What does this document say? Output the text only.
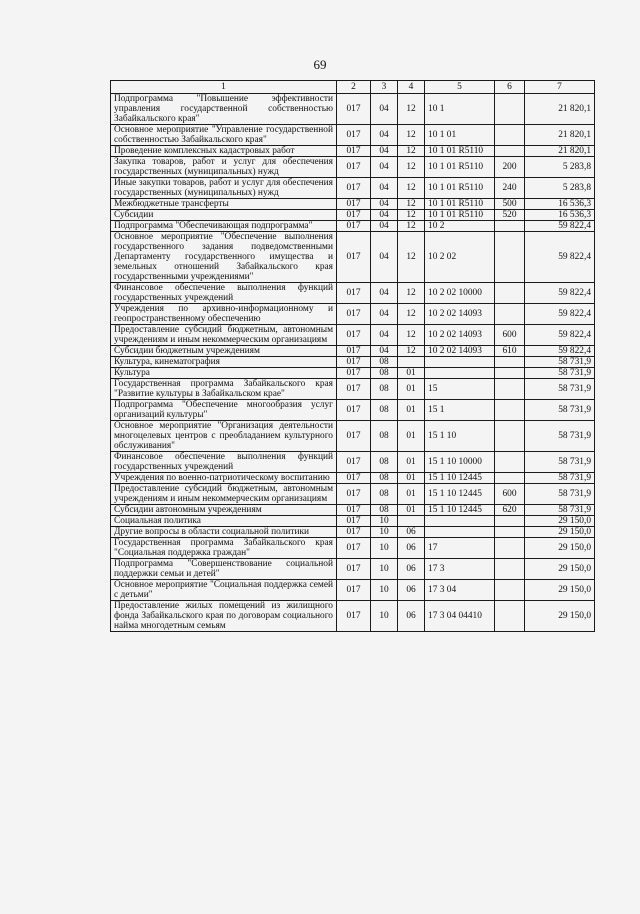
69
1	2	3	4	5	6	7
Подпрограмма "Повышение эффективности управления государственной собственностью Забайкальского края"	017	04	12	10 1		21 820,1
Основное мероприятие "Управление государственной собственностью Забайкальского края"	017	04	12	10 1 01		21 820,1
Проведение комплексных кадастровых работ	017	04	12	10 1 01 R5110		21 820,1
Закупка товаров, работ и услуг для обеспечения государственных (муниципальных) нужд	017	04	12	10 1 01 R5110	200	5 283,8
Иные закупки товаров, работ и услуг для обеспечения государственных (муниципальных) нужд	017	04	12	10 1 01 R5110	240	5 283,8
Межбюджетные трансферты	017	04	12	10 1 01 R5110	500	16 536,3
Субсидии	017	04	12	10 1 01 R5110	520	16 536,3
Подпрограмма "Обеспечивающая подпрограмма"	017	04	12	10 2		59 822,4
Основное мероприятие "Обеспечение выполнения государственного задания подведомственными Департаменту государственного имущества и земельных отношений Забайкальского края государственными учреждениями"	017	04	12	10 2 02		59 822,4
Финансовое обеспечение выполнения функций государственных учреждений	017	04	12	10 2 02 10000		59 822,4
Учреждения по архивно-информационному и геопространственному обеспечению	017	04	12	10 2 02 14093		59 822,4
Предоставление субсидий бюджетным, автономным учреждениям и иным некоммерческим организациям	017	04	12	10 2 02 14093	600	59 822,4
Субсидии бюджетным учреждениям	017	04	12	10 2 02 14093	610	59 822,4
Культура, кинематография	017	08				58 731,9
Культура	017	08	01			58 731,9
Государственная программа Забайкальского края "Развитие культуры в Забайкальском крае"	017	08	01	15		58 731,9
Подпрограмма "Обеспечение многообразия услуг организаций культуры"	017	08	01	15 1		58 731,9
Основное мероприятие "Организация деятельности многоцелевых центров с преобладанием культурного обслуживания"	017	08	01	15 1 10		58 731,9
Финансовое обеспечение выполнения функций государственных учреждений	017	08	01	15 1 10 10000		58 731,9
Учреждения по военно-патриотическому воспитанию	017	08	01	15 1 10 12445		58 731,9
Предоставление субсидий бюджетным, автономным учреждениям и иным некоммерческим организациям	017	08	01	15 1 10 12445	600	58 731,9
Субсидии автономным учреждениям	017	08	01	15 1 10 12445	620	58 731,9
Социальная политика	017	10				29 150,0
Другие вопросы в области социальной политики	017	10	06			29 150,0
Государственная программа Забайкальского края "Социальная поддержка граждан"	017	10	06	17		29 150,0
Подпрограмма "Совершенствование социальной поддержки семьи и детей"	017	10	06	17 3		29 150,0
Основное мероприятие "Социальная поддержка семей с детьми"	017	10	06	17 3 04		29 150,0
Предоставление жилых помещений из жилищного фонда Забайкальского края по договорам социального найма многодетным семьям	017	10	06	17 3 04 04410		29 150,0
